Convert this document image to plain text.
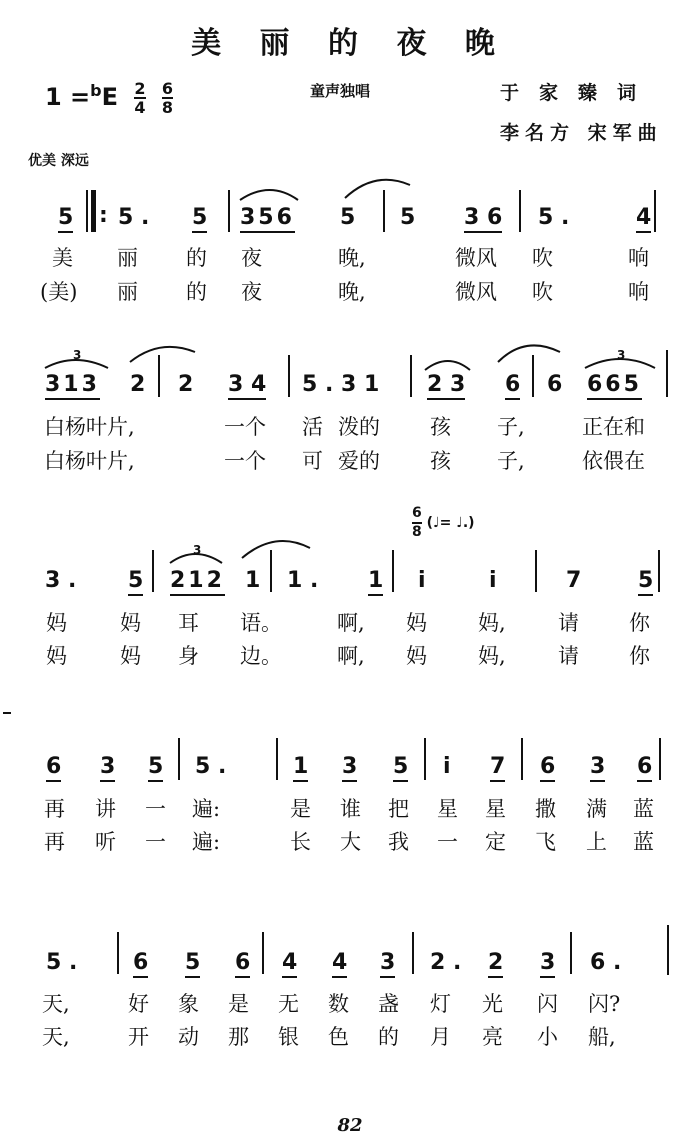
美 丽 的 夜 晚
$1 =^bE \frac{2}{4}$
$\frac{6}{8}$	童声独唱	于家臻词
李名方 宋军曲
优美 深远
$\frac{6}{8}$ (♩= ♩.)
3	3
3
5 : 5 . 5 356 5 5 3 6 5 .	4
美 丽 的 夜	晚,	微风 吹	响
(美) 丽 的 夜	晚,	微风 吹	响
313 2 2 3 4 5 . 3 1 2 3 6 6 665
白杨叶片,	一个 活 泼的 孩 子,	正在和
白杨叶片,	一个 可 爱的 孩 子,	依偎在
3 . 5 212 1 1 . 1 i	i	7	5
妈	妈 耳 语。	啊, 妈 妈, 请 你
妈	妈 身 边。	啊, 妈 妈, 请 你
6 3 5 5 .	1 3 5 i 7 6 3 6
再 讲 一 遍:	是 谁 把 星 星 撒 满 蓝
再 听 一 遍:	长 大 我 一 定 飞 上 蓝
5 .	6 5 6 4 4 3 2 . 2 3 6 .
天,	好 象 是 无 数 盏 灯 光 闪 闪?
天,	开 动 那 银 色 的 月 亮 小 船,
82
